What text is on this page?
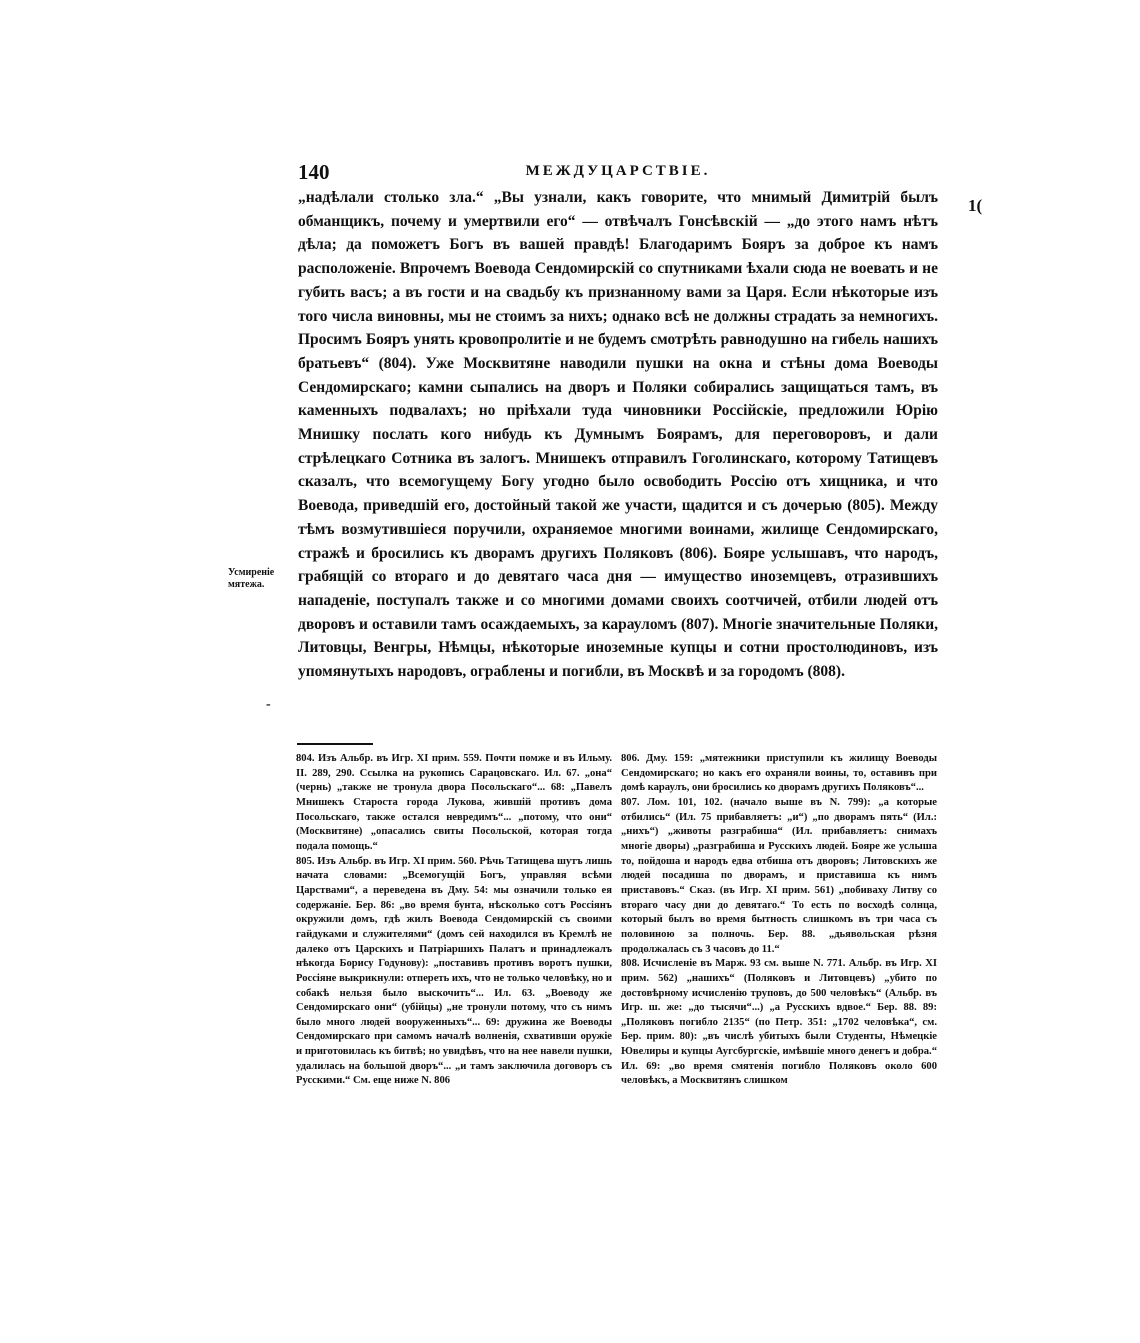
140	МЕЖДУЦАРСТВІЕ.
1(

„надѣлали столько зла.“ „Вы узнали, какъ говорите, что мнимый Димитрій былъ обманщикъ, почему и умертвили его“ — отвѣчалъ Гонсѣвскій — „до этого намъ нѣтъ дѣла; да поможетъ Богъ въ вашей правдѣ! Благодаримъ Бояръ за доброе къ намъ расположеніе. Впрочемъ Воевода Сендомирскій со спутниками ѣхали сюда не воевать и не губить васъ; а въ гости и на свадьбу къ признанному вами за Царя. Если нѣкоторые изъ того числа виновны, мы не стоимъ за нихъ; однако всѣ не должны страдать за немногихъ. Просимъ Бояръ унять кровопролитіе и не будемъ смотрѣть равнодушно на гибель нашихъ братьевъ“ (804). Уже Москвитяне наводили пушки на окна и стѣны дома Воеводы Сендомирскаго; камни сыпались на дворъ и Поляки собирались защищаться тамъ, въ каменныхъ подвалахъ; но пріѣхали туда чиновники Россійскіе, предложили Юрію Мнишку послать кого нибудь къ Думнымъ Боярамъ, для переговоровъ, и дали стрѣлецкаго Сотника въ залогъ. Мнишекъ отправилъ Гоголинскаго, которому Татищевъ сказалъ, что всемогущему Богу угодно было освободить Россію отъ хищника, и что Воевода, приведшій его, достойный такой же участи, щадится и съ дочерью (805). Между тѣмъ возмутившіеся поручили, охраняемое многими воинами, жилище Сендомирскаго, стражѣ и бросились къ дворамъ другихъ Поляковъ (806). Бояре услышавъ, что народъ, грабящій со втораго и до девятаго часа дня — имущество иноземцевъ, отразившихъ нападеніе, поступалъ также и со многими домами своихъ соотчичей, отбили людей отъ дворовъ и оставили тамъ осаждаемыхъ, за карауломъ (807). Многіе значительные Поляки, Литовцы, Венгры, Нѣмцы, нѣкоторые иноземные купцы и сотни простолюдиновъ, изъ упомянутыхъ народовъ, ограблены и погибли, въ Москвѣ и за городомъ (808).

Усмиреніе
мятежа.
-

804. Изъ Альбр. въ Игр. XI прим. 559. Почти помже и въ Ильму. II. 289, 290. Ссылка на рукопись Сарацовскаго. Ил. 67. „она“ (чернь) „также не тронула двора Посольскаго“... 68: „Павелъ Мнишекъ Староста города Лукова, жившій противъ дома Посольскаго, также остался невредимъ“... „потому, что они“ (Москвитяне) „опасались свиты Посольской, которая тогда подала помощь.“

805. Изъ Альбр. въ Игр. XI прим. 560. Рѣчь Татищева шутъ лишь начата словами: „Всемогущій Богъ, управляя всѣми Царствами“, а переведена въ Дму. 54: мы означили только ея содержаніе. Бер. 86: „во время бунта, нѣсколько сотъ Россіянъ окружили домъ, гдѣ жилъ Воевода Сендомирскій съ своими гайдуками и служителями“ (домъ сей находился въ Кремлѣ не далеко отъ Царскихъ и Патріаршихъ Палатъ и принадлежалъ нѣкогда Борису Годунову): „поставивъ противъ воротъ пушки, Россіяне выкрикнули: отпереть ихъ, что не только человѣку, но и собакѣ нельзя было выскочить“... Ил. 63. „Воеводу же Сендомирскаго они“ (убійцы) „не тронули потому, что съ нимъ было много людей вооруженныхъ“... 69: дружина же Воеводы Сендомирскаго при самомъ началѣ волненія, схвативши оружіе и приготовилась къ битвѣ; но увидѣвъ, что на нее навели пушки, удалилась на большой дворъ“... „и тамъ заключила договоръ съ Русскими.“ См. еще ниже N. 806

806. Дму. 159: „мятежники приступили къ жилищу Воеводы Сендомирскаго; но какъ его охраняли воины, то, оставивъ при домѣ караулъ, они бросились ко дворамъ другихъ Поляковъ“...

807. Лом. 101, 102. (начало выше въ N. 799): „а которые отбились“ (Ил. 75 прибавляетъ: „и“) „по дворамъ пять“ (Ил.: „нихъ“) „животы разграбиша“ (Ил. прибавляетъ: снимахъ многіе дворы) „разграбиша и Русскихъ людей. Бояре же услыша то, пойдоша и народъ едва отбиша отъ дворовъ; Литовскихъ же людей посадиша по дворамъ, и приставиша къ нимъ приставовъ.“ Сказ. (въ Игр. XI прим. 561) „побиваху Литву со втораго часу дни до девятаго.“ То есть по восходѣ солнца, который былъ во время бытность слишкомъ въ три часа съ половиною за полночь. Бер. 88. „дьявольская рѣзня продолжалась съ 3 часовъ до 11.“

808. Исчисленіе въ Марж. 93 см. выше N. 771. Альбр. въ Игр. XI прим. 562) „нашихъ“ (Поляковъ и Литовцевъ) „убито по достовѣрному исчисленію труповъ, до 500 человѣкъ“ (Альбр. въ Игр. ш. же: „до тысячи“...) „а Русскихъ вдвое.“ Бер. 88. 89: „Поляковъ погибло 2135“ (по Петр. 351: „1702 человѣка“, см. Бер. прим. 80): „въ числѣ убитыхъ были Студенты, Нѣмецкіе Ювелиры и купцы Аугсбургскіе, имѣвшіе много денегъ и добра.“ Ил. 69: „во время смятенія погибло Поляковъ около 600 человѣкъ, а Москвитянъ слишком
